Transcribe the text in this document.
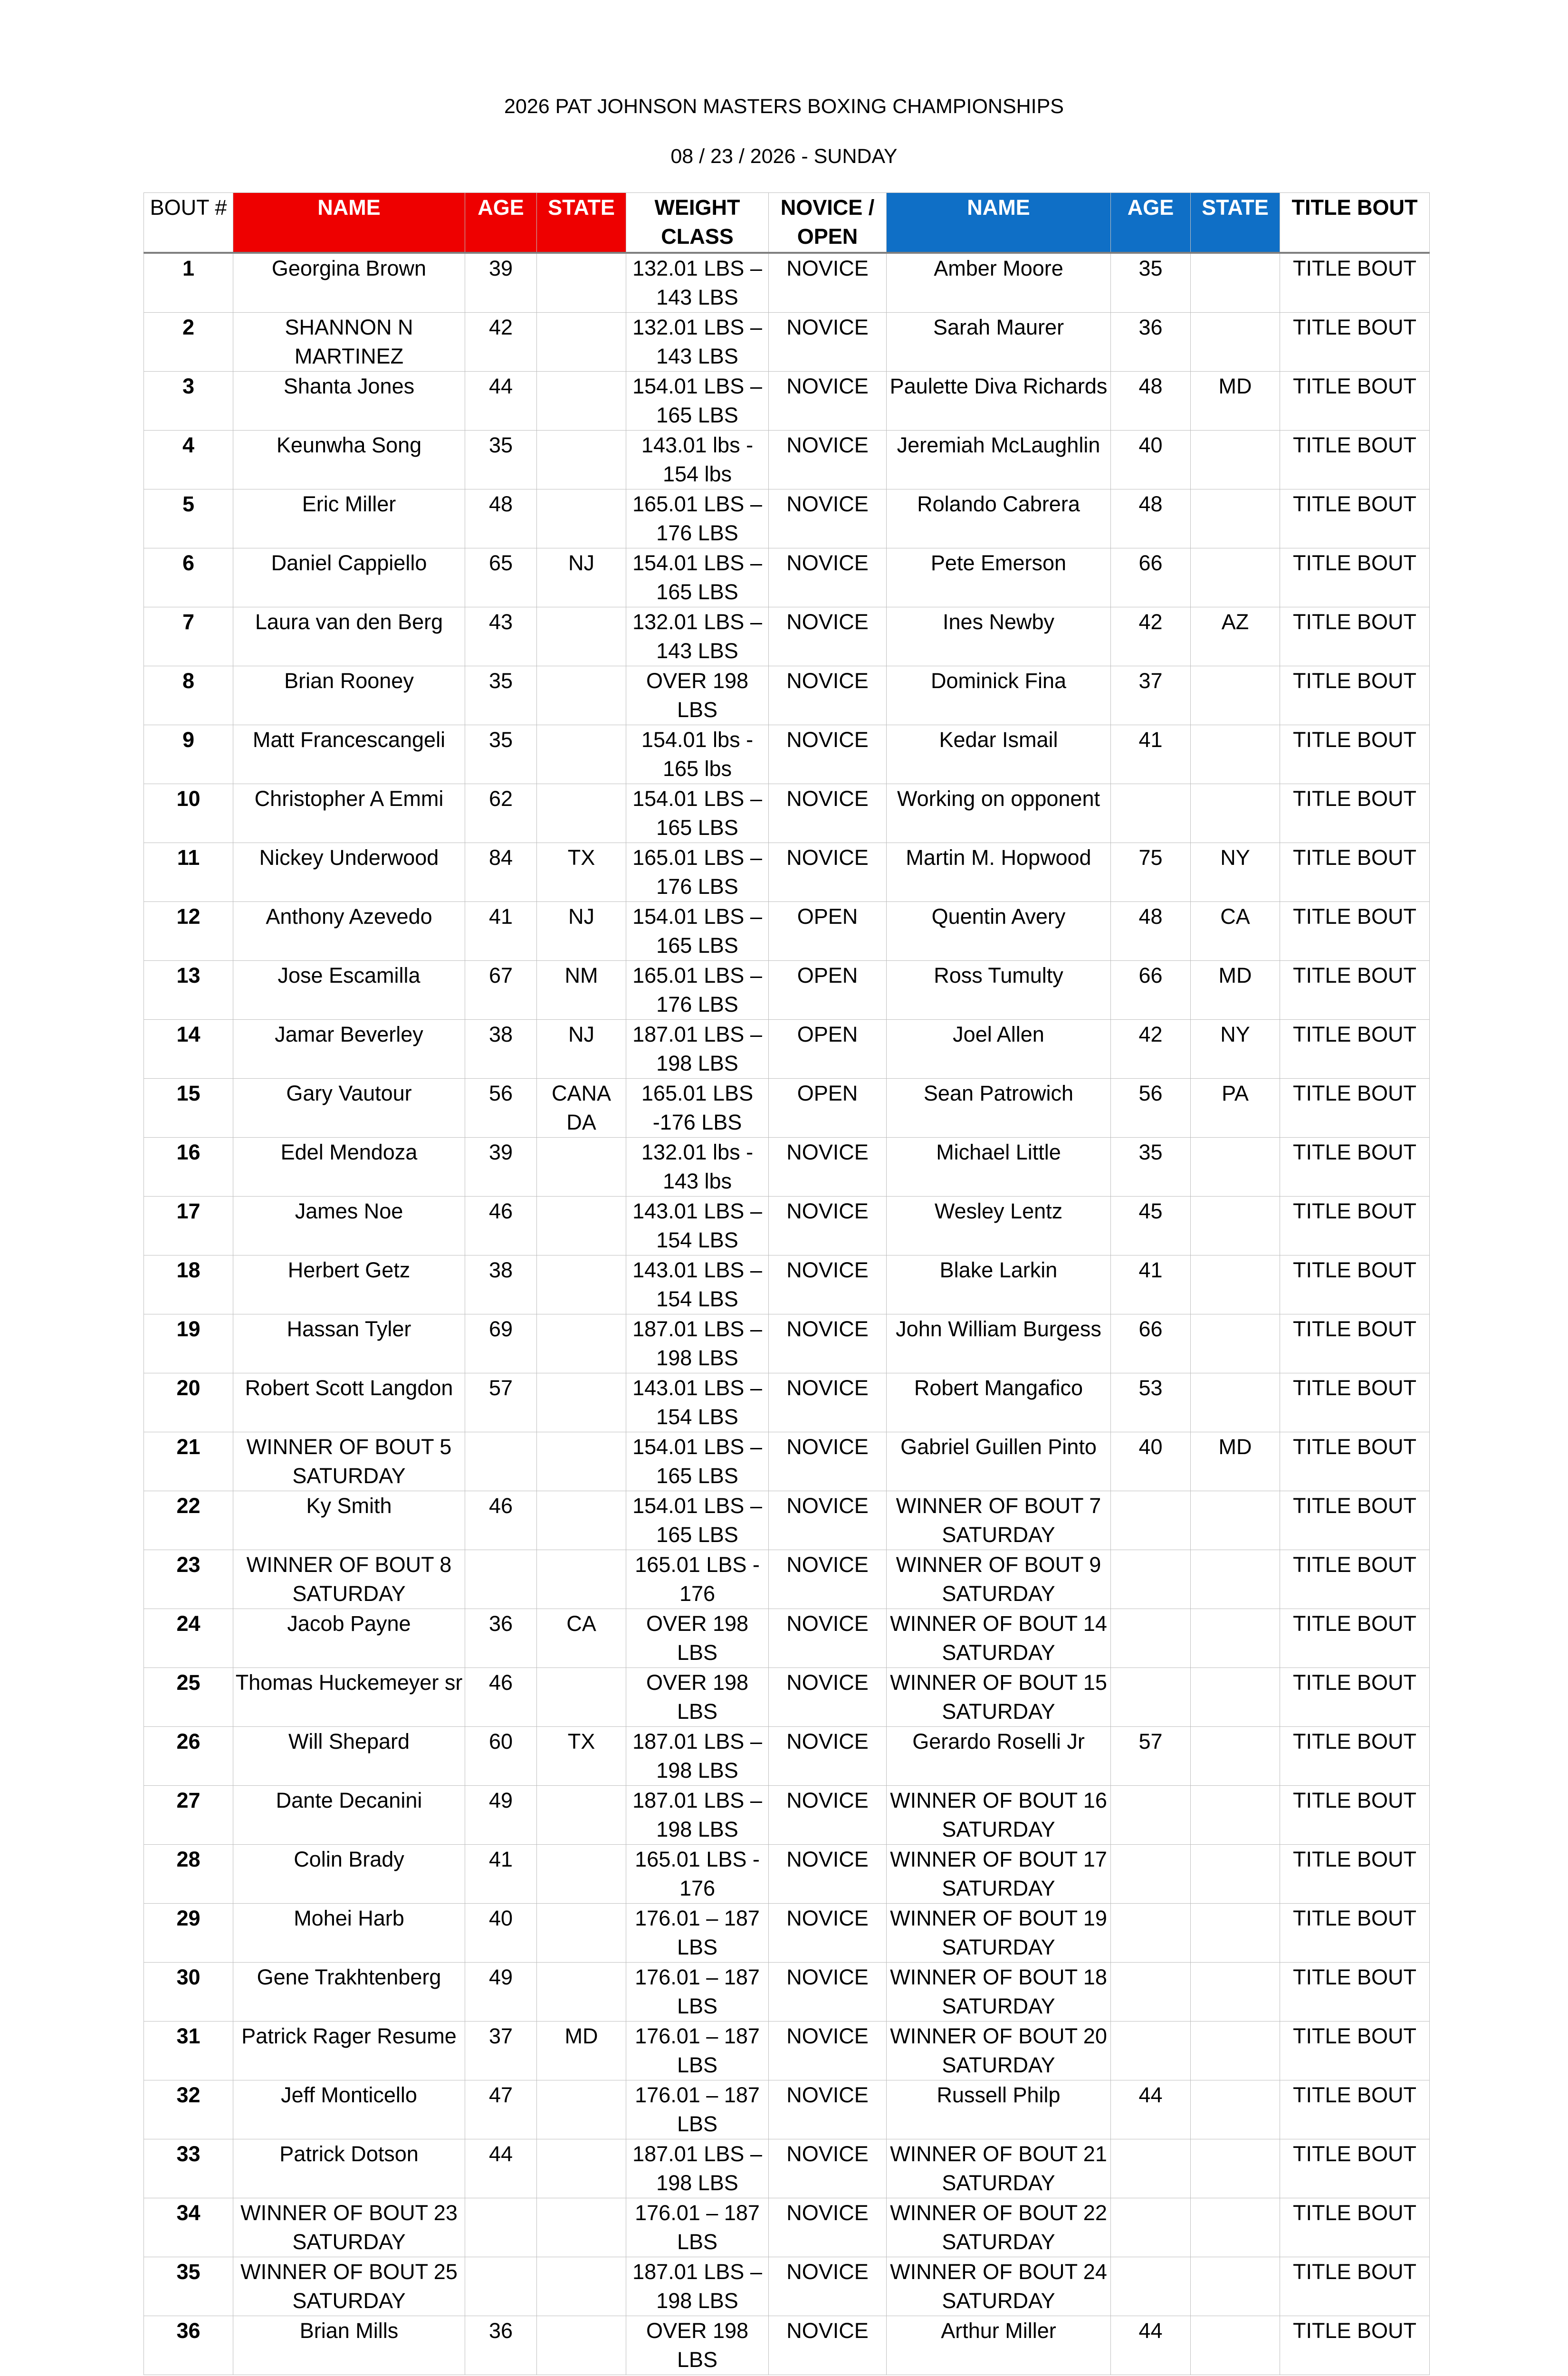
2026 PAT JOHNSON MASTERS BOXING CHAMPIONSHIPS
08 / 23 / 2026 - SUNDAY
BOUT #	NAME	AGE	STATE	WEIGHT CLASS	NOVICE / OPEN	NAME	AGE	STATE	TITLE BOUT
1	Georgina Brown	39		132.01 LBS – 143 LBS	NOVICE	Amber Moore	35		TITLE BOUT
2	SHANNON N MARTINEZ	42		132.01 LBS – 143 LBS	NOVICE	Sarah Maurer	36		TITLE BOUT
3	Shanta Jones	44		154.01 LBS – 165 LBS	NOVICE	Paulette Diva Richards	48	MD	TITLE BOUT
4	Keunwha Song	35		143.01 lbs - 154 lbs	NOVICE	Jeremiah McLaughlin	40		TITLE BOUT
5	Eric Miller	48		165.01 LBS – 176 LBS	NOVICE	Rolando Cabrera	48		TITLE BOUT
6	Daniel Cappiello	65	NJ	154.01 LBS – 165 LBS	NOVICE	Pete Emerson	66		TITLE BOUT
7	Laura van den Berg	43		132.01 LBS – 143 LBS	NOVICE	Ines Newby	42	AZ	TITLE BOUT
8	Brian Rooney	35		OVER 198 LBS	NOVICE	Dominick Fina	37		TITLE BOUT
9	Matt Francescangeli	35		154.01 lbs - 165 lbs	NOVICE	Kedar Ismail	41		TITLE BOUT
10	Christopher A Emmi	62		154.01 LBS – 165 LBS	NOVICE	Working on opponent			TITLE BOUT
11	Nickey Underwood	84	TX	165.01 LBS – 176 LBS	NOVICE	Martin M. Hopwood	75	NY	TITLE BOUT
12	Anthony Azevedo	41	NJ	154.01 LBS – 165 LBS	OPEN	Quentin Avery	48	CA	TITLE BOUT
13	Jose Escamilla	67	NM	165.01 LBS – 176 LBS	OPEN	Ross Tumulty	66	MD	TITLE BOUT
14	Jamar Beverley	38	NJ	187.01 LBS – 198 LBS	OPEN	Joel Allen	42	NY	TITLE BOUT
15	Gary Vautour	56	CANA DA	165.01 LBS -176 LBS	OPEN	Sean Patrowich	56	PA	TITLE BOUT
16	Edel Mendoza	39		132.01 lbs - 143 lbs	NOVICE	Michael Little	35		TITLE BOUT
17	James Noe	46		143.01 LBS – 154 LBS	NOVICE	Wesley Lentz	45		TITLE BOUT
18	Herbert Getz	38		143.01 LBS – 154 LBS	NOVICE	Blake Larkin	41		TITLE BOUT
19	Hassan Tyler	69		187.01 LBS – 198 LBS	NOVICE	John William Burgess	66		TITLE BOUT
20	Robert Scott Langdon	57		143.01 LBS – 154 LBS	NOVICE	Robert Mangafico	53		TITLE BOUT
21	WINNER OF BOUT 5 SATURDAY			154.01 LBS – 165 LBS	NOVICE	Gabriel Guillen Pinto	40	MD	TITLE BOUT
22	Ky Smith	46		154.01 LBS – 165 LBS	NOVICE	WINNER OF BOUT 7 SATURDAY			TITLE BOUT
23	WINNER OF BOUT 8 SATURDAY			165.01 LBS - 176	NOVICE	WINNER OF BOUT 9 SATURDAY			TITLE BOUT
24	Jacob Payne	36	CA	OVER 198 LBS	NOVICE	WINNER OF BOUT 14 SATURDAY			TITLE BOUT
25	Thomas Huckemeyer sr	46		OVER 198 LBS	NOVICE	WINNER OF BOUT 15 SATURDAY			TITLE BOUT
26	Will Shepard	60	TX	187.01 LBS – 198 LBS	NOVICE	Gerardo Roselli Jr	57		TITLE BOUT
27	Dante Decanini	49		187.01 LBS – 198 LBS	NOVICE	WINNER OF BOUT 16 SATURDAY			TITLE BOUT
28	Colin Brady	41		165.01 LBS - 176	NOVICE	WINNER OF BOUT 17 SATURDAY			TITLE BOUT
29	Mohei Harb	40		176.01 – 187 LBS	NOVICE	WINNER OF BOUT 19 SATURDAY			TITLE BOUT
30	Gene Trakhtenberg	49		176.01 – 187 LBS	NOVICE	WINNER OF BOUT 18 SATURDAY			TITLE BOUT
31	Patrick Rager Resume	37	MD	176.01 – 187 LBS	NOVICE	WINNER OF BOUT 20 SATURDAY			TITLE BOUT
32	Jeff Monticello	47		176.01 – 187 LBS	NOVICE	Russell Philp	44		TITLE BOUT
33	Patrick Dotson	44		187.01 LBS – 198 LBS	NOVICE	WINNER OF BOUT 21 SATURDAY			TITLE BOUT
34	WINNER OF BOUT 23 SATURDAY			176.01 – 187 LBS	NOVICE	WINNER OF BOUT 22 SATURDAY			TITLE BOUT
35	WINNER OF BOUT 25 SATURDAY			187.01 LBS – 198 LBS	NOVICE	WINNER OF BOUT 24 SATURDAY			TITLE BOUT
36	Brian Mills	36		OVER 198 LBS	NOVICE	Arthur Miller	44		TITLE BOUT
